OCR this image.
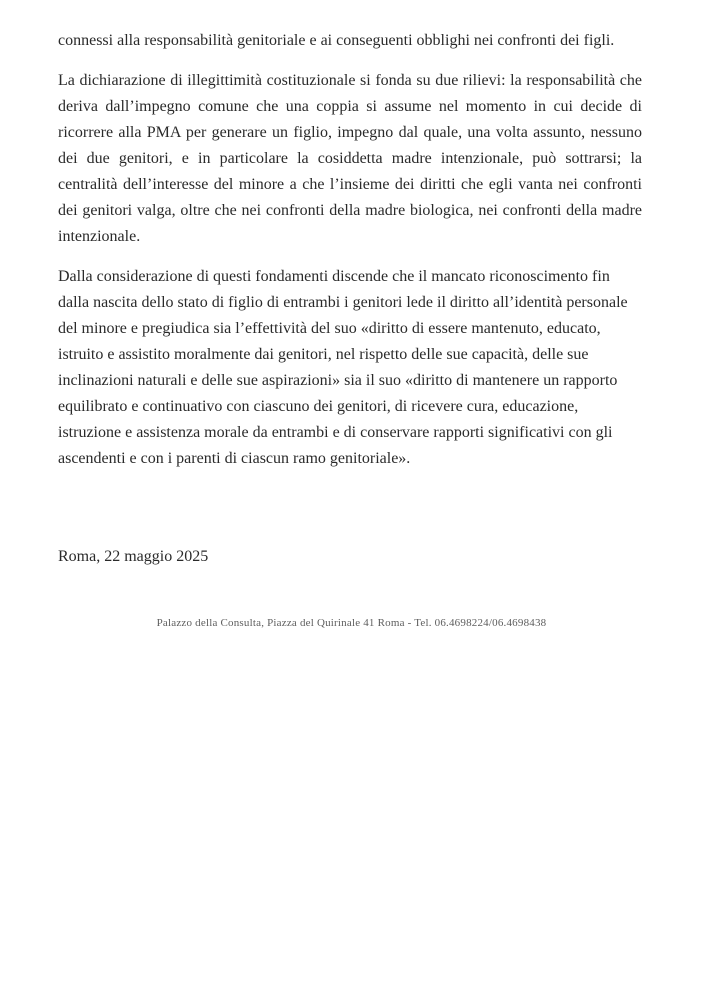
connessi alla responsabilità genitoriale e ai conseguenti obblighi nei confronti dei figli.

La dichiarazione di illegittimità costituzionale si fonda su due rilievi: la responsabilità che deriva dall’impegno comune che una coppia si assume nel momento in cui decide di ricorrere alla PMA per generare un figlio, impegno dal quale, una volta assunto, nessuno dei due genitori, e in particolare la cosiddetta madre intenzionale, può sottrarsi; la centralità dell’interesse del minore a che l’insieme dei diritti che egli vanta nei confronti dei genitori valga, oltre che nei confronti della madre biologica, nei confronti della madre intenzionale.

Dalla considerazione di questi fondamenti discende che il mancato riconoscimento fin dalla nascita dello stato di figlio di entrambi i genitori lede il diritto all’identità personale del minore e pregiudica sia l’effettività del suo «diritto di essere mantenuto, educato, istruito e assistito moralmente dai genitori, nel rispetto delle sue capacità, delle sue inclinazioni naturali e delle sue aspirazioni» sia il suo «diritto di mantenere un rapporto equilibrato e continuativo con ciascuno dei genitori, di ricevere cura, educazione, istruzione e assistenza morale da entrambi e di conservare rapporti significativi con gli ascendenti e con i parenti di ciascun ramo genitoriale».

Roma, 22 maggio 2025
Palazzo della Consulta, Piazza del Quirinale 41 Roma - Tel. 06.4698224/06.4698438
